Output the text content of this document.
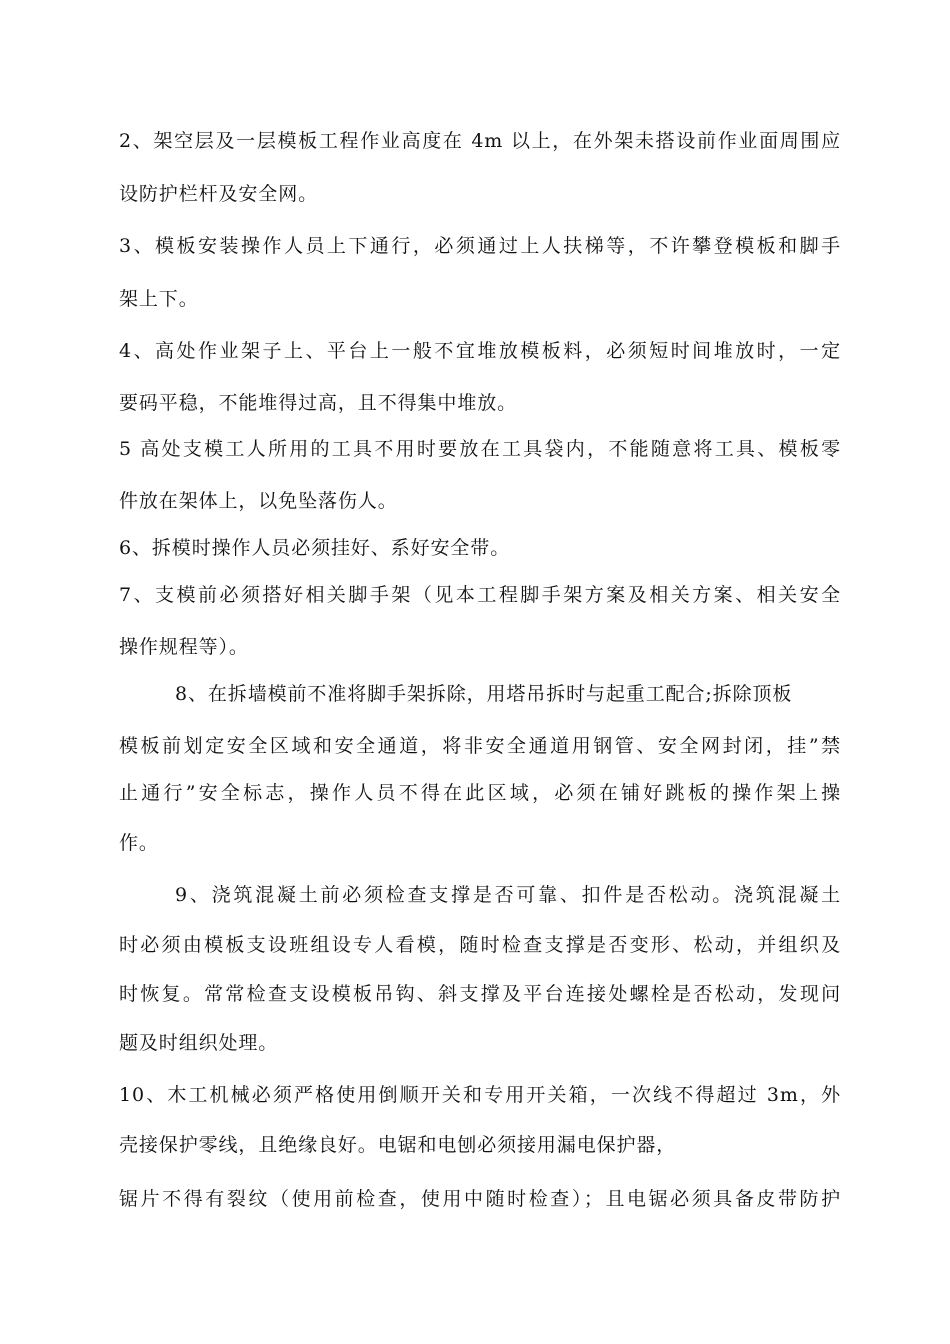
2、架空层及一层模板工程作业高度在 4m 以上，在外架未搭设前作业面周围应
设防护栏杆及安全网。
3、模板安装操作人员上下通行，必须通过上人扶梯等，不许攀登模板和脚手
架上下。
4、高处作业架子上、平台上一般不宜堆放模板料，必须短时间堆放时，一定
要码平稳，不能堆得过高，且不得集中堆放。
5 高处支模工人所用的工具不用时要放在工具袋内，不能随意将工具、模板零
件放在架体上，以免坠落伤人。
6、拆模时操作人员必须挂好、系好安全带。
7、支模前必须搭好相关脚手架（见本工程脚手架方案及相关方案、相关安全
操作规程等）。
8、在拆墙模前不准将脚手架拆除，用塔吊拆时与起重工配合;拆除顶板
模板前划定安全区域和安全通道，将非安全通道用钢管、安全网封闭，挂”禁
止通行”安全标志，操作人员不得在此区域，必须在铺好跳板的操作架上操
作。
9、浇筑混凝土前必须检查支撑是否可靠、扣件是否松动。浇筑混凝土
时必须由模板支设班组设专人看模，随时检查支撑是否变形、松动，并组织及
时恢复。常常检查支设模板吊钩、斜支撑及平台连接处螺栓是否松动，发现问
题及时组织处理。
10、木工机械必须严格使用倒顺开关和专用开关箱，一次线不得超过 3m，外
壳接保护零线，且绝缘良好。电锯和电刨必须接用漏电保护器，
锯片不得有裂纹（使用前检查，使用中随时检查）；且电锯必须具备皮带防护
